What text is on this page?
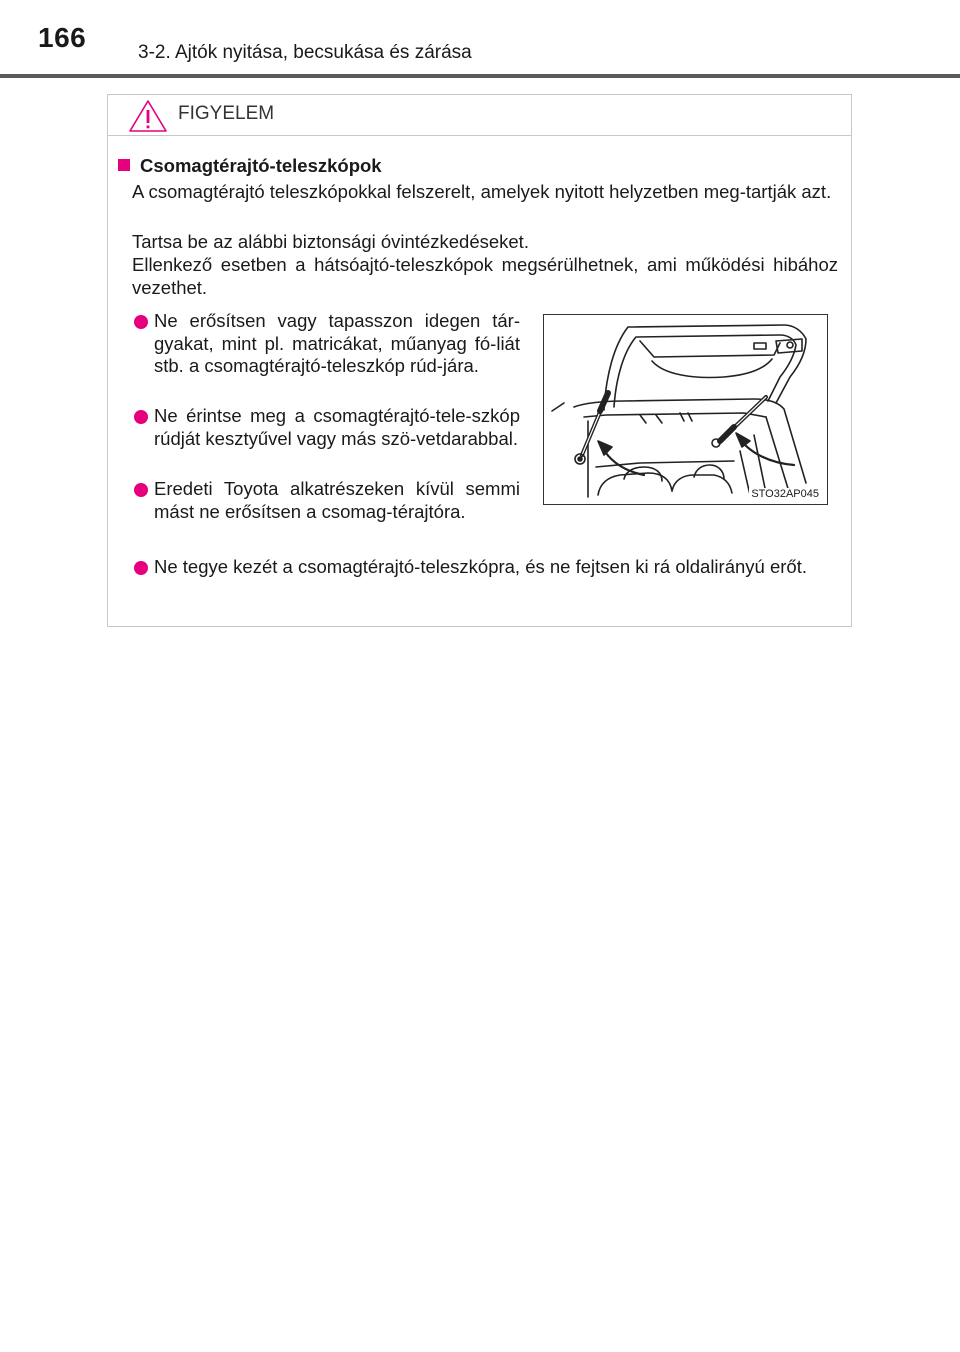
166	3-2. Ajtók nyitása, becsukása és zárása
FIGYELEM
Csomagtérajtó-teleszkópok
A csomagtérajtó teleszkópokkal felszerelt, amelyek nyitott helyzetben meg-tartják azt.
Tartsa be az alábbi biztonsági óvintézkedéseket.
Ellenkező esetben a hátsóajtó-teleszkópok megsérülhetnek, ami működési hibához vezethet.
Ne erősítsen vagy tapasszon idegen tár-gyakat, mint pl. matricákat, műanyag fó-liát stb. a csomagtérajtó-teleszkóp rúd-jára.
Ne érintse meg a csomagtérajtó-tele-szkóp rúdját kesztyűvel vagy más szö-vetdarabbal.
Eredeti Toyota alkatrészeken kívül semmi mást ne erősítsen a csomag-térajtóra.
Ne tegye kezét a csomagtérajtó-teleszkópra, és ne fejtsen ki rá oldalirányú erőt.
STO32AP045
